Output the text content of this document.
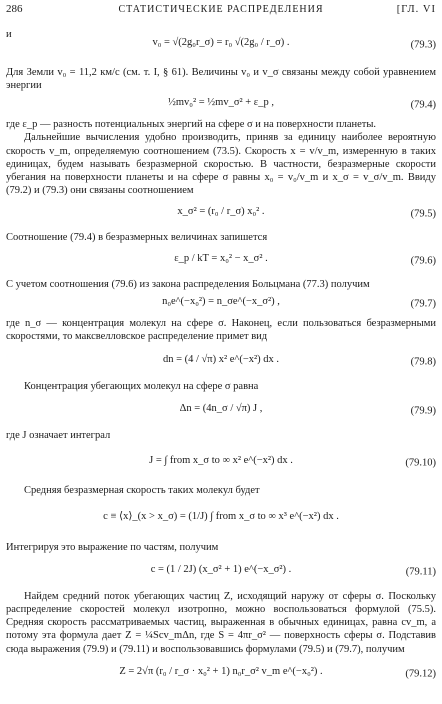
286	СТАТИСТИЧЕСКИЕ РАСПРЕДЕЛЕНИЯ	[ГЛ. VI
и
v₀ = √(2g₀r_σ) = r₀ √(2g₀ / r_σ) .	(79.3)

Для Земли v₀ = 11,2 км/с (см. т. I, § 61). Величины v₀ и v_σ связаны между собой уравнением энергии

½mv₀² = ½mv_σ² + ε_p ,	(79.4)

где ε_p — разность потенциальных энергий на сфере σ и на поверхности планеты.

Дальнейшие вычисления удобно производить, приняв за единицу наиболее вероятную скорость v_m, определяемую соотношением (73.5). Скорость x = v/v_m, измеренную в таких единицах, будем называть безразмерной скоростью. В частности, безразмерные скорости убегания на поверхности планеты и на сфере σ равны x₀ = v₀/v_m и x_σ = v_σ/v_m. Ввиду (79.2) и (79.3) они связаны соотношением

x_σ² = (r₀ / r_σ) x₀² .	(79.5)

Соотношение (79.4) в безразмерных величинах запишется

ε_p / kT = x₀² − x_σ² .	(79.6)

С учетом соотношения (79.6) из закона распределения Больцмана (77.3) получим

n₀e^(−x₀²) = n_σe^(−x_σ²) ,	(79.7)

где n_σ — концентрация молекул на сфере σ. Наконец, если пользоваться безразмерными скоростями, то максвелловское распределение примет вид

dn = (4 / √π) x² e^(−x²) dx .	(79.8)

Концентрация убегающих молекул на сфере σ равна

Δn = (4n_σ / √π) J ,	(79.9)

где J означает интеграл

J = ∫ from x_σ to ∞ x² e^(−x²) dx .	(79.10)

Средняя безразмерная скорость таких молекул будет

c ≡ ⟨x⟩_(x > x_σ) = (1/J) ∫ from x_σ to ∞ x³ e^(−x²) dx .

Интегрируя это выражение по частям, получим

c = (1 / 2J) (x_σ² + 1) e^(−x_σ²) .	(79.11)

Найдем средний поток убегающих частиц Z, исходящий наружу от сферы σ. Поскольку распределение скоростей молекул изотропно, можно воспользоваться формулой (75.5). Средняя скорость рассматриваемых частиц, выраженная в обычных единицах, равна cv_m, а потому эта формула дает Z = ¼Scv_mΔn, где S = 4πr_σ² — поверхность сферы σ. Подставив сюда выражения (79.9) и (79.11) и воспользовавшись формулами (79.5) и (79.7), получим

Z = 2√π (r₀ / r_σ · x₀² + 1) n₀r_σ² v_m e^(−x₀²) .	(79.12)
